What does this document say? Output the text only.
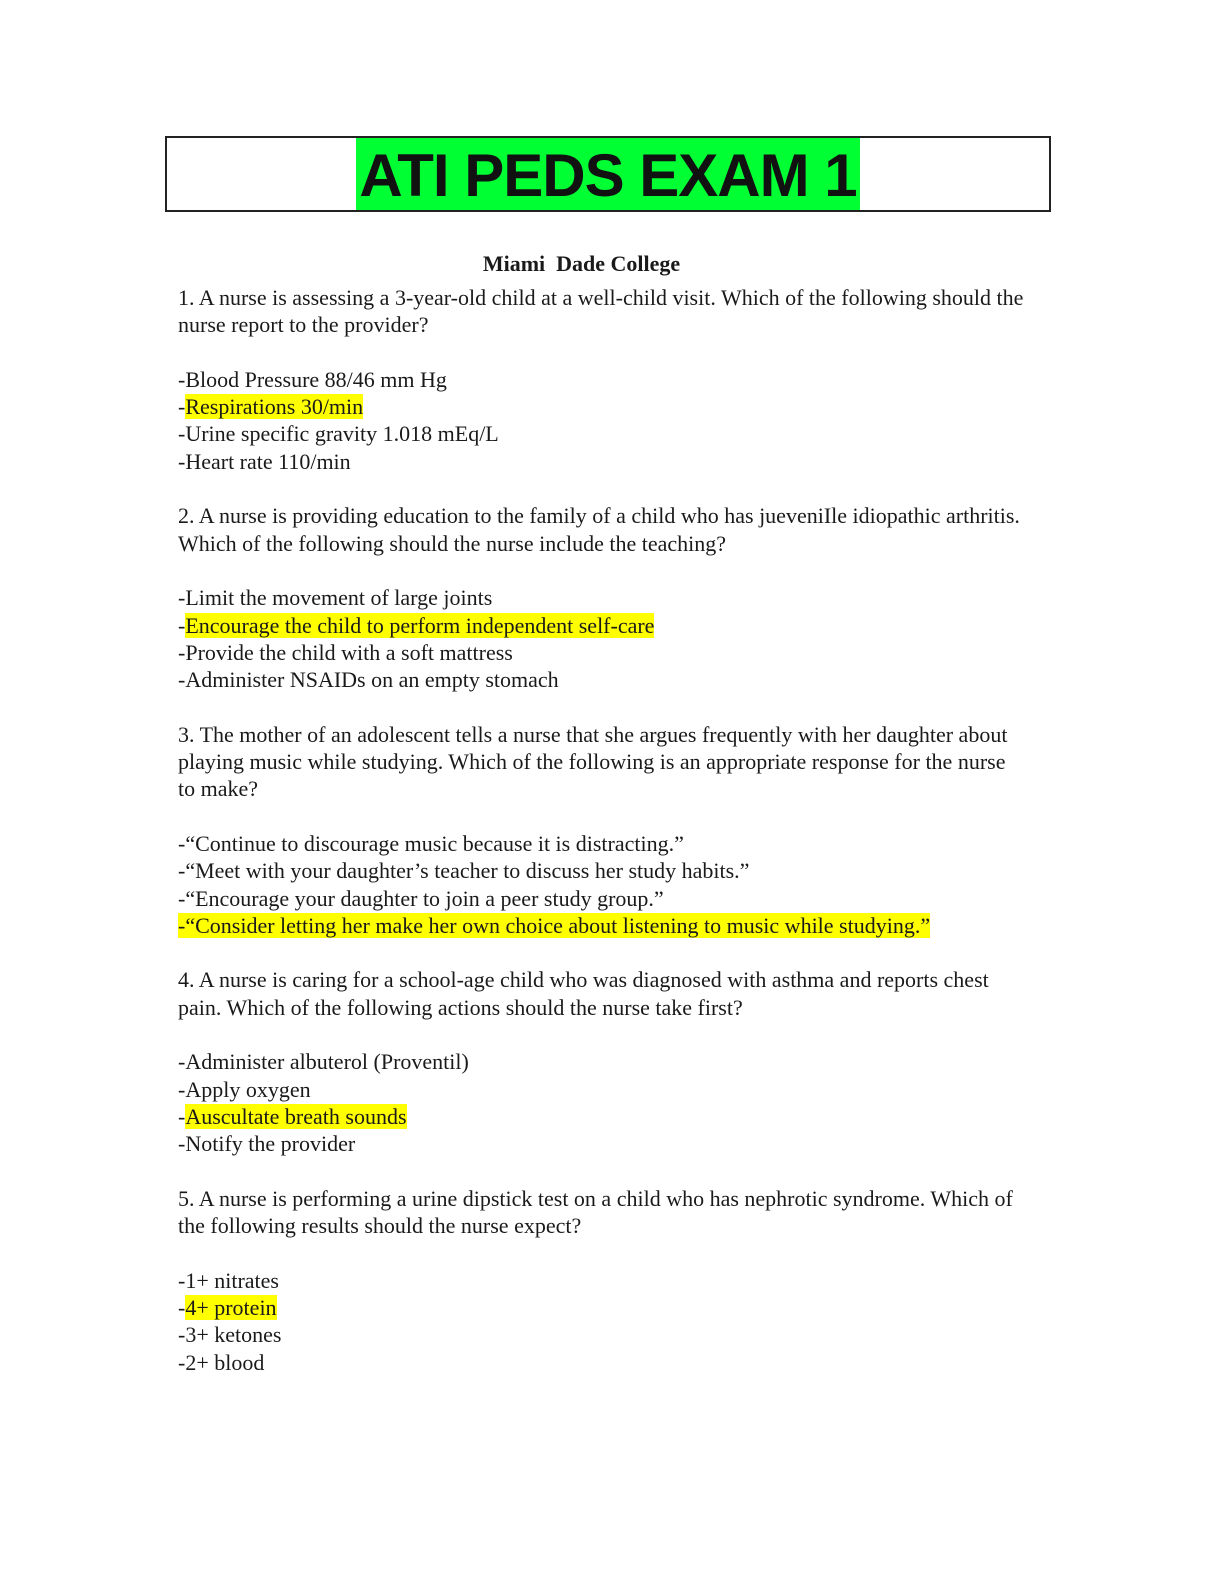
ATI PEDS EXAM 1
Miami  Dade College

1. A nurse is assessing a 3-year-old child at a well-child visit. Which of the following should the nurse report to the provider?

-Blood Pressure 88/46 mm Hg
-Respirations 30/min
-Urine specific gravity 1.018 mEq/L
-Heart rate 110/min

2. A nurse is providing education to the family of a child who has jueveniIle idiopathic arthritis. Which of the following should the nurse include the teaching?

-Limit the movement of large joints
-Encourage the child to perform independent self-care
-Provide the child with a soft mattress
-Administer NSAIDs on an empty stomach

3. The mother of an adolescent tells a nurse that she argues frequently with her daughter about playing music while studying. Which of the following is an appropriate response for the nurse to make?

-“Continue to discourage music because it is distracting.”
-“Meet with your daughter’s teacher to discuss her study habits.”
-“Encourage your daughter to join a peer study group.”
-“Consider letting her make her own choice about listening to music while studying.”

4. A nurse is caring for a school-age child who was diagnosed with asthma and reports chest pain. Which of the following actions should the nurse take first?

-Administer albuterol (Proventil)
-Apply oxygen
-Auscultate breath sounds
-Notify the provider

5. A nurse is performing a urine dipstick test on a child who has nephrotic syndrome. Which of the following results should the nurse expect?

-1+ nitrates
-4+ protein
-3+ ketones
-2+ blood
